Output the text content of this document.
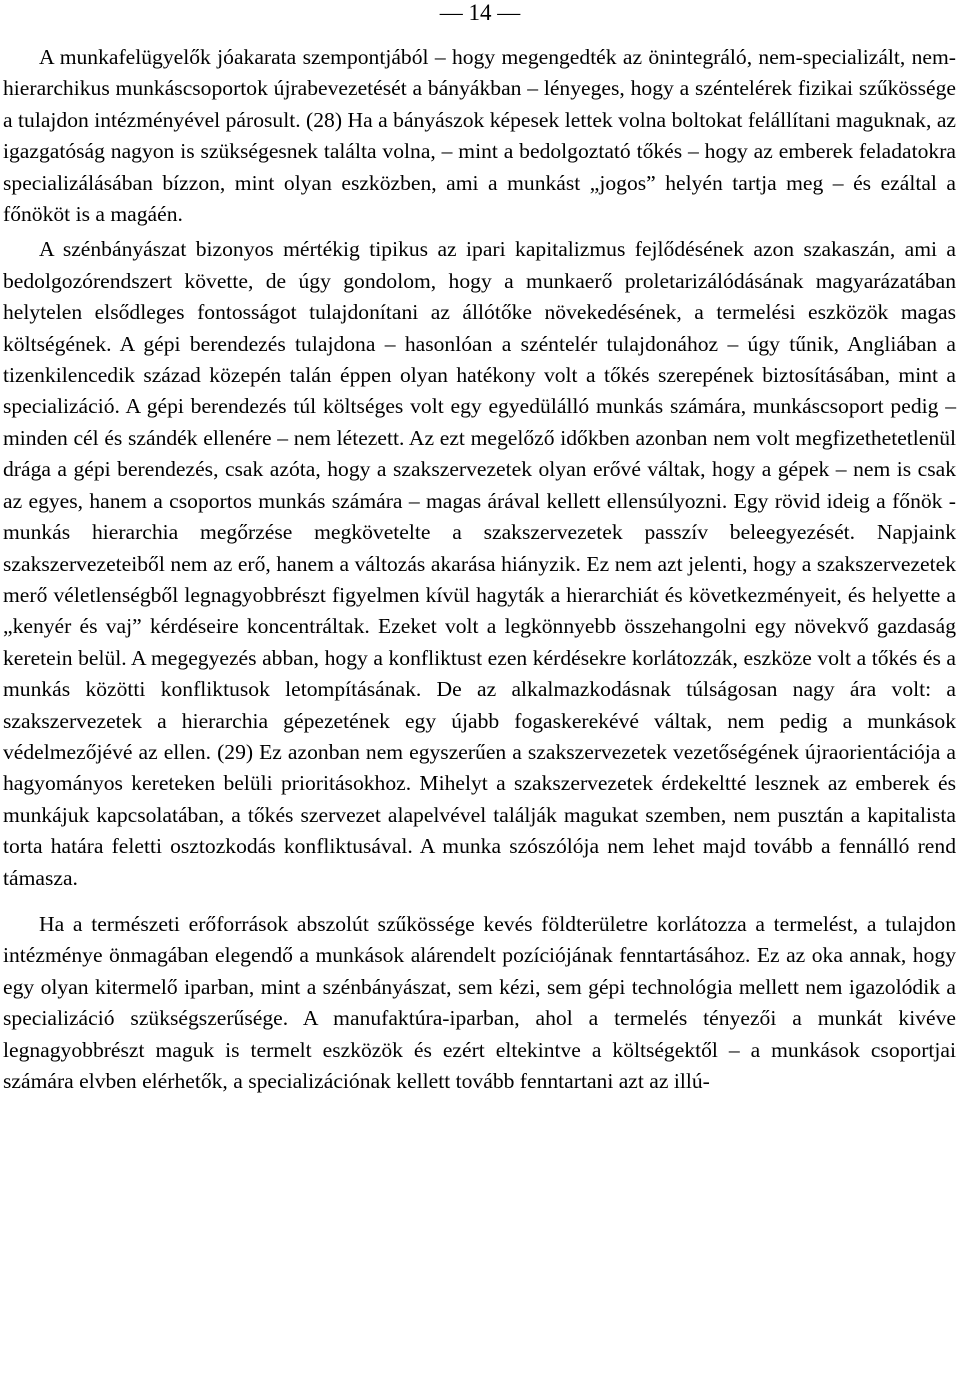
— 14 —

A munkafelügyelők jóakarata szempontjából – hogy megengedték az önintegráló, nem-specializált, nem-hierarchikus munkáscsoportok újrabevezetését a bányákban – lényeges, hogy a széntelérek fizikai szűkössége a tulajdon intézményével párosult. (28) Ha a bányászok képesek lettek volna boltokat felállítani maguknak, az igazgatóság nagyon is szükségesnek találta volna, – mint a bedolgoztató tőkés – hogy az emberek feladatokra specializálásában bízzon, mint olyan eszközben, ami a munkást „jogos” helyén tartja meg – és ezáltal a főnököt is a magáén.

A szénbányászat bizonyos mértékig tipikus az ipari kapitalizmus fejlődésének azon szakaszán, ami a bedolgozórendszert követte, de úgy gondolom, hogy a munkaerő proletarizálódásának magyarázatában helytelen elsődleges fontosságot tulajdonítani az állótőke növekedésének, a termelési eszközök magas költségének. A gépi berendezés tulajdona – hasonlóan a széntelér tulajdonához – úgy tűnik, Angliában a tizenkilencedik század közepén talán éppen olyan hatékony volt a tőkés szerepének biztosításában, mint a specializáció. A gépi berendezés túl költséges volt egy egyedülálló munkás számára, munkáscsoport pedig – minden cél és szándék ellenére – nem létezett. Az ezt megelőző időkben azonban nem volt megfizethetetlenül drága a gépi berendezés, csak azóta, hogy a szakszervezetek olyan erővé váltak, hogy a gépek – nem is csak az egyes, hanem a csoportos munkás számára – magas árával kellett ellensúlyozni. Egy rövid ideig a főnök - munkás hierarchia megőrzése megkövetelte a szakszervezetek passzív beleegyezését. Napjaink szakszervezeteiből nem az erő, hanem a változás akarása hiányzik. Ez nem azt jelenti, hogy a szakszervezetek merő véletlenségből legnagyobbrészt figyelmen kívül hagyták a hierarchiát és következményeit, és helyette a „kenyér és vaj” kérdéseire koncentráltak. Ezeket volt a legkönnyebb összehangolni egy növekvő gazdaság keretein belül. A megegyezés abban, hogy a konfliktust ezen kérdésekre korlátozzák, eszköze volt a tőkés és a munkás közötti konfliktusok letompításának. De az alkalmazkodásnak túlságosan nagy ára volt: a szakszervezetek a hierarchia gépezetének egy újabb fogaskerekévé váltak, nem pedig a munkások védelmezőjévé az ellen. (29) Ez azonban nem egyszerűen a szakszervezetek vezetőségének újraorientációja a hagyományos kereteken belüli prioritásokhoz. Mihelyt a szakszervezetek érdekeltté lesznek az emberek és munkájuk kapcsolatában, a tőkés szervezet alapelvével találják magukat szemben, nem pusztán a kapitalista torta határa feletti osztozkodás konfliktusával. A munka szószólója nem lehet majd tovább a fennálló rend támasza.

Ha a természeti erőforrások abszolút szűkössége kevés földterületre korlátozza a termelést, a tulajdon intézménye önmagában elegendő a munkások alárendelt pozíciójának fenntartásához. Ez az oka annak, hogy egy olyan kitermelő iparban, mint a szénbányászat, sem kézi, sem gépi technológia mellett nem igazolódik a specializáció szükségszerűsége. A manufaktúra-iparban, ahol a termelés tényezői a munkát kivéve legnagyobbrészt maguk is termelt eszközök és ezért eltekintve a költségektől – a munkások csoportjai számára elvben elérhetők, a specializációnak kellett tovább fenntartani azt az illú-
